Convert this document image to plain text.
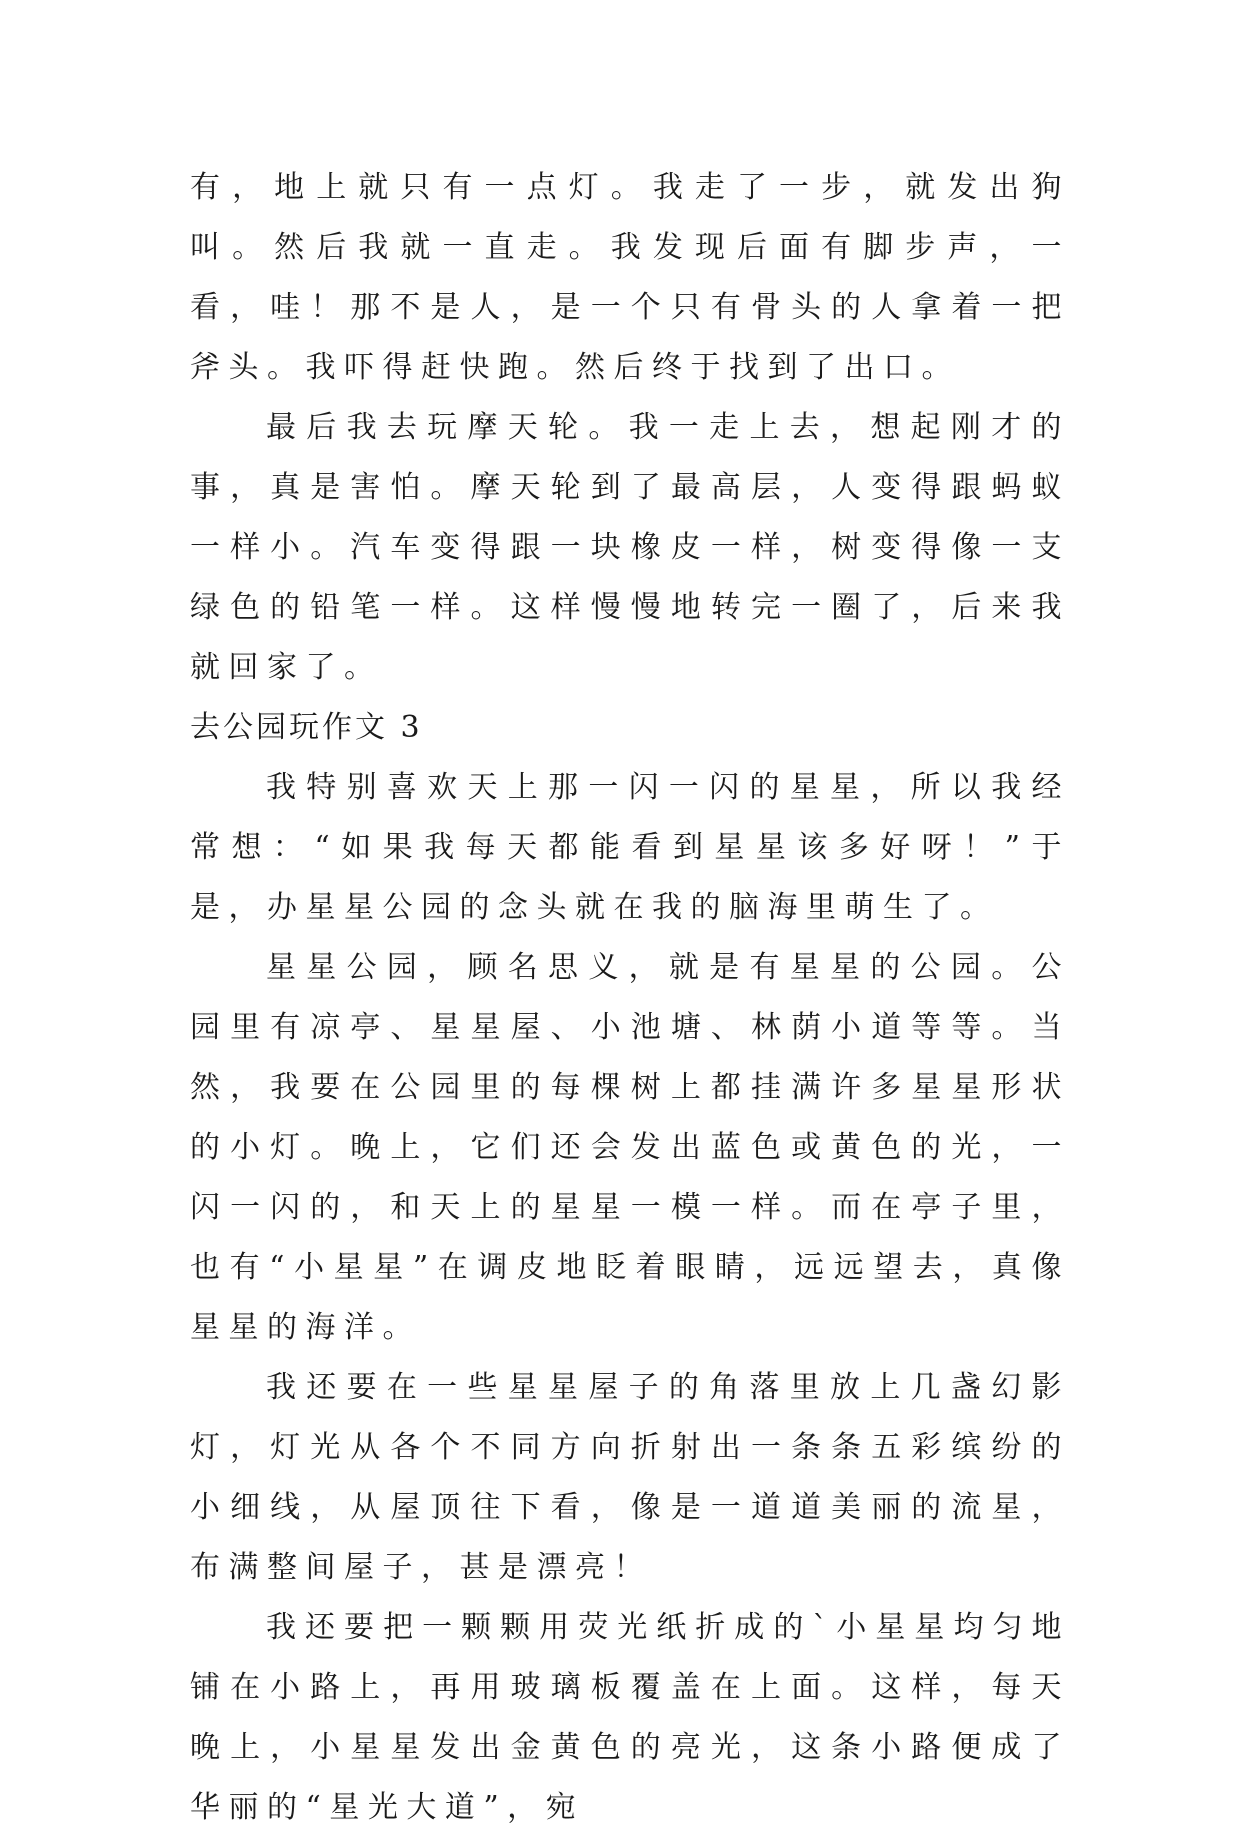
有，地上就只有一点灯。我走了一步，就发出狗叫。然后我就一直走。我发现后面有脚步声，一看，哇！那不是人，是一个只有骨头的人拿着一把斧头。我吓得赶快跑。然后终于找到了出口。

最后我去玩摩天轮。我一走上去，想起刚才的事，真是害怕。摩天轮到了最高层，人变得跟蚂蚁一样小。汽车变得跟一块橡皮一样，树变得像一支绿色的铅笔一样。这样慢慢地转完一圈了，后来我就回家了。

去公园玩作文 3

我特别喜欢天上那一闪一闪的星星，所以我经常想：“如果我每天都能看到星星该多好呀！”于是，办星星公园的念头就在我的脑海里萌生了。

星星公园，顾名思义，就是有星星的公园。公园里有凉亭、星星屋、小池塘、林荫小道等等。当然，我要在公园里的每棵树上都挂满许多星星形状的小灯。晚上，它们还会发出蓝色或黄色的光，一闪一闪的，和天上的星星一模一样。而在亭子里，也有“小星星”在调皮地眨着眼睛，远远望去，真像星星的海洋。

我还要在一些星星屋子的角落里放上几盏幻影灯，灯光从各个不同方向折射出一条条五彩缤纷的小细线，从屋顶往下看，像是一道道美丽的流星，布满整间屋子，甚是漂亮！

我还要把一颗颗用荧光纸折成的`小星星均匀地铺在小路上，再用玻璃板覆盖在上面。这样，每天晚上，小星星发出金黄色的亮光，这条小路便成了华丽的“星光大道”，宛
